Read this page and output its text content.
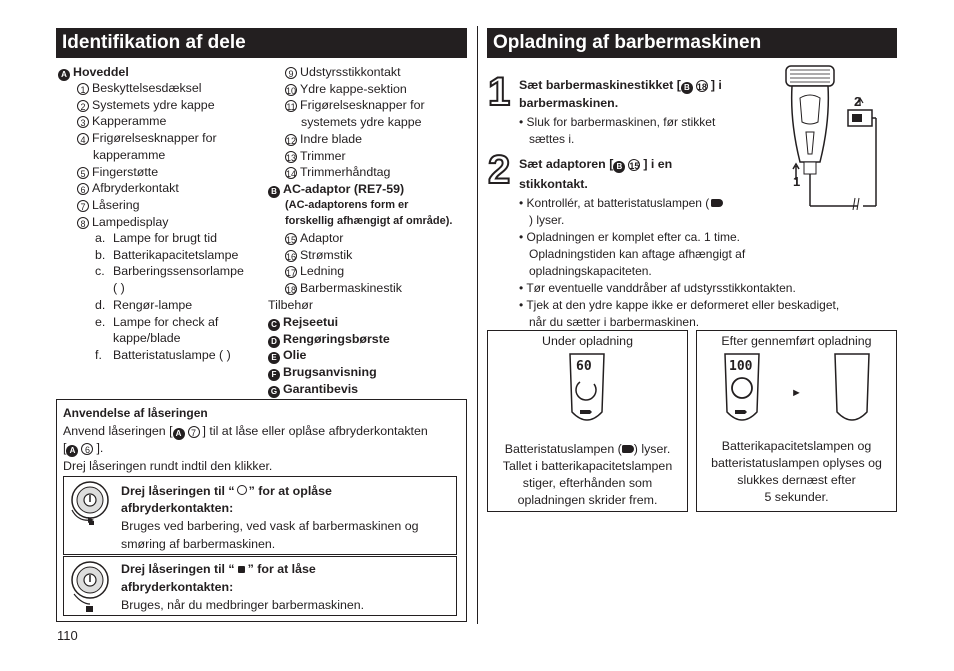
Identifikation af dele
A Hoveddel
1 Beskyttelsesdæksel
2 Systemets ydre kappe
3 Kapperamme
4 Frigørelsesknapper for
kapperamme
5 Fingerstøtte
6 Afbryderkontakt
7 Låsering
8 Lampedisplay
a. Lampe for brugt tid
b. Batterikapacitetslampe
c. Barberingssensorlampe
( )
d. Rengør-lampe
e. Lampe for check af
kappe/blade
f. Batteristatuslampe ( )
9 Udstyrsstikkontakt
10 Ydre kappe-sektion
11 Frigørelsesknapper for
systemets ydre kappe
12 Indre blade
13 Trimmer
14 Trimmerhåndtag
B AC-adaptor (RE7-59)
(AC-adaptorens form er
forskellig afhængigt af område).
15 Adaptor
16 Strømstik
17 Ledning
18 Barbermaskinestik
Tilbehør
C Rejseetui
D Rengøringsbørste
E Olie
F Brugsanvisning
G Garantibevis
Anvendelse af låseringen
Anvend låseringen [ A 7 ] til at låse eller oplåse afbryderkontakten
[ A 6 ].
Drej låseringen rundt indtil den klikker.
Drej låseringen til “ ” for at oplåse
afbryderkontakten:
Bruges ved barbering, ved vask af barbermaskinen og
smøring af barbermaskinen.
Drej låseringen til “ ” for at låse
afbryderkontakten:
Bruges, når du medbringer barbermaskinen.
110
Opladning af barbermaskinen
1 Sæt barbermaskinestikket [ B 18 ] i
barbermaskinen.
• Sluk for barbermaskinen, før stikket
sættes i.
2 Sæt adaptoren [ B 15 ] i en
stikkontakt.
• Kontrollér, at batteristatuslampen (
) lyser.
• Opladningen er komplet efter ca. 1 time.
Opladningstiden kan aftage afhængigt af
opladningskapaciteten.
• Tør eventuelle vanddråber af udstyrsstikkontakten.
• Tjek at den ydre kappe ikke er deformeret eller beskadiget,
når du sætter i barbermaskinen.
2
1
Under opladning
60
Batteristatuslampen ( ) lyser.
Tallet i batterikapacitetslampen
stiger, efterhånden som
opladningen skrider frem.
Efter gennemført opladning
100
►
Batterikapacitetslampen og
batteristatuslampen oplyses og
slukkes dernæst efter
5 sekunder.
